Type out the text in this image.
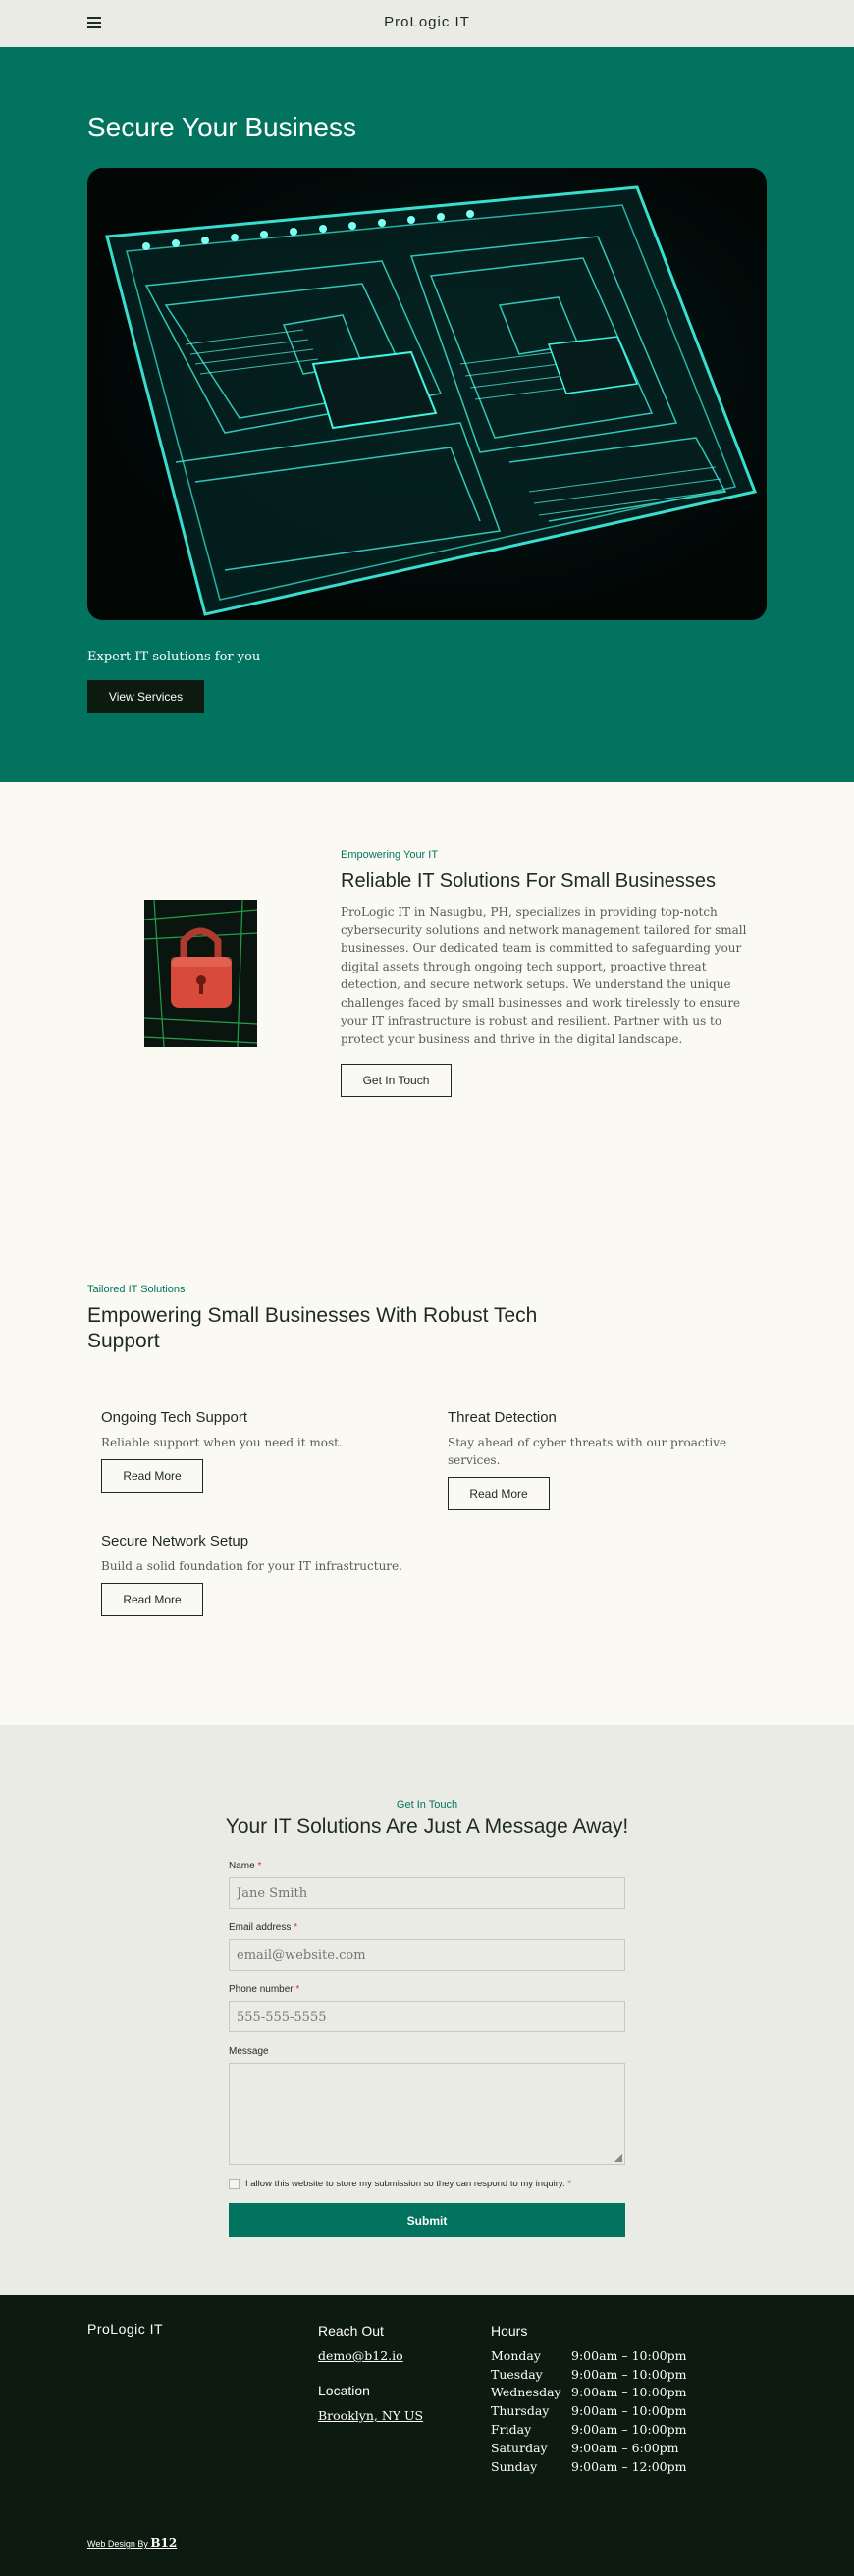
ProLogic IT
Secure Your Business

Expert IT solutions for you

View Services
Empowering Your IT
Reliable IT Solutions For Small Businesses

ProLogic IT in Nasugbu, PH, specializes in providing top-notch cybersecurity solutions and network management tailored for small businesses. Our dedicated team is committed to safeguarding your digital assets through ongoing tech support, proactive threat detection, and secure network setups. We understand the unique challenges faced by small businesses and work tirelessly to ensure your IT infrastructure is robust and resilient. Partner with us to protect your business and thrive in the digital landscape.

Get In Touch
Tailored IT Solutions
Empowering Small Businesses With Robust Tech Support
Ongoing Tech Support

Reliable support when you need it most.

Read More
Threat Detection

Stay ahead of cyber threats with our proactive services.

Read More
Secure Network Setup

Build a solid foundation for your IT infrastructure.

Read More
Get In Touch
Your IT Solutions Are Just A Message Away!
Name *
Jane Smith
Email address *
email@website.com
Phone number *
555-555-5555
Message
I allow this website to store my submission so they can respond to my inquiry.
*
Submit
ProLogic IT	Reach Out
demo@b12.io
Location
Brooklyn, NY US
Hours
Monday	9:00am – 10:00pm
Tuesday	9:00am – 10:00pm
Wednesday 9:00am – 10:00pm
Thursday	9:00am – 10:00pm
Friday	9:00am – 10:00pm
Saturday	9:00am – 6:00pm
Sunday	9:00am – 12:00pm
Web Design By B12
